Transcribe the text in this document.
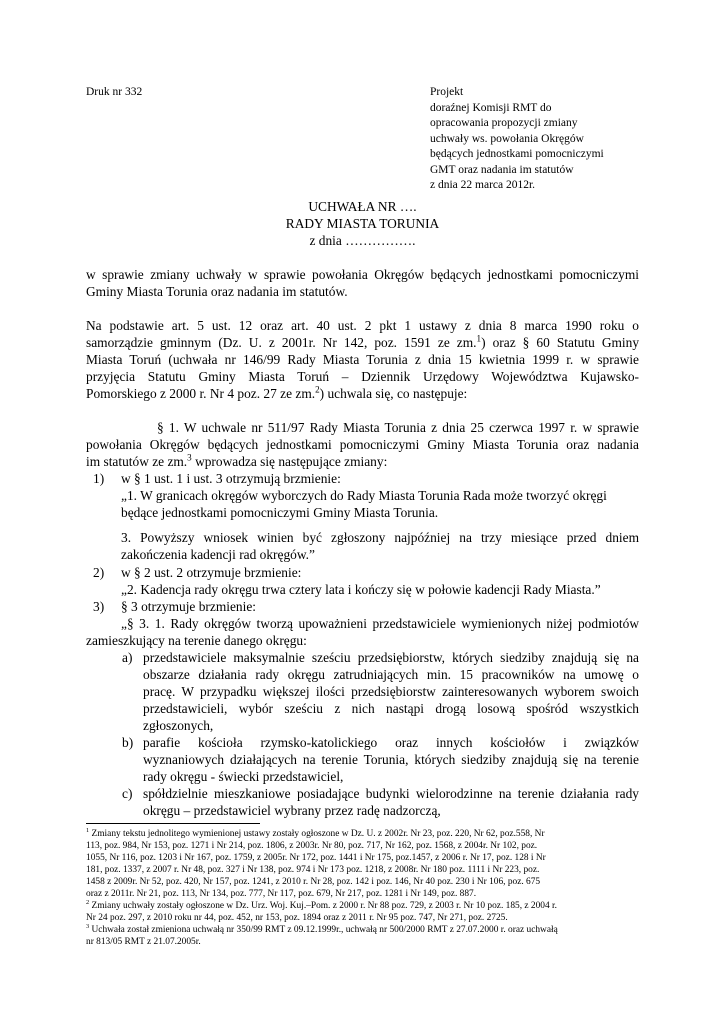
Druk nr 332	Projekt
doraźnej Komisji RMT do
opracowania propozycji zmiany
uchwały ws. powołania Okręgów
będących jednostkami pomocniczymi
GMT oraz nadania im statutów
z dnia 22 marca 2012r.
UCHWAŁA NR ….
RADY MIASTA TORUNIA
z dnia …………….
w sprawie zmiany uchwały w sprawie powołania Okręgów będących jednostkami pomocniczymi
Gminy Miasta Torunia oraz nadania im statutów.
Na podstawie art. 5 ust. 12 oraz art. 40 ust. 2 pkt 1 ustawy z dnia 8 marca 1990 roku o
samorządzie gminnym (Dz. U. z 2001r. Nr 142, poz. 1591 ze zm.$^1$) oraz § 60 Statutu Gminy
Miasta Toruń (uchwała nr 146/99 Rady Miasta Torunia z dnia 15 kwietnia 1999 r. w sprawie
przyjęcia Statutu Gminy Miasta Toruń – Dziennik Urzędowy Województwa Kujawsko-
Pomorskiego z 2000 r. Nr 4 poz. 27 ze zm.$^2$) uchwala się, co następuje:
§ 1. W uchwale nr 511/97 Rady Miasta Torunia z dnia 25 czerwca 1997 r. w sprawie
powołania Okręgów będących jednostkami pomocniczymi Gminy Miasta Torunia oraz nadania
im statutów ze zm.$^3$ wprowadza się następujące zmiany:
1) w § 1 ust. 1 i ust. 3 otrzymują brzmienie:
„1. W granicach okręgów wyborczych do Rady Miasta Torunia Rada może tworzyć okręgi
będące jednostkami pomocniczymi Gminy Miasta Torunia.
3. Powyższy wniosek winien być zgłoszony najpóźniej na trzy miesiące przed dniem
zakończenia kadencji rad okręgów.”
2) w § 2 ust. 2 otrzymuje brzmienie:
„2. Kadencja rady okręgu trwa cztery lata i kończy się w połowie kadencji Rady Miasta.”
3) § 3 otrzymuje brzmienie:
„§ 3. 1. Rady okręgów tworzą upoważnieni przedstawiciele wymienionych niżej podmiotów
zamieszkujący na terenie danego okręgu:
a) przedstawiciele maksymalnie sześciu przedsiębiorstw, których siedziby znajdują się na
obszarze działania rady okręgu zatrudniających min. 15 pracowników na umowę o
pracę. W przypadku większej ilości przedsiębiorstw zainteresowanych wyborem swoich
przedstawicieli, wybór sześciu z nich nastąpi drogą losową spośród wszystkich
zgłoszonych,
b) parafie kościoła rzymsko-katolickiego oraz innych kościołów i związków
wyznaniowych działających na terenie Torunia, których siedziby znajdują się na terenie
rady okręgu - świecki przedstawiciel,
c) spółdzielnie mieszkaniowe posiadające budynki wielorodzinne na terenie działania rady
okręgu – przedstawiciel wybrany przez radę nadzorczą,
$^1$ Zmiany tekstu jednolitego wymienionej ustawy zostały ogłoszone w Dz. U. z 2002r. Nr 23, poz. 220, Nr 62, poz.558, Nr
113, poz. 984, Nr 153, poz. 1271 i Nr 214, poz. 1806, z 2003r. Nr 80, poz. 717, Nr 162, poz. 1568, z 2004r. Nr 102, poz.
1055, Nr 116, poz. 1203 i Nr 167, poz. 1759, z 2005r. Nr 172, poz. 1441 i Nr 175, poz.1457, z 2006 r. Nr 17, poz. 128 i Nr
181, poz. 1337, z 2007 r. Nr 48, poz. 327 i Nr 138, poz. 974 i Nr 173 poz. 1218, z 2008r. Nr 180 poz. 1111 i Nr 223, poz.
1458 z 2009r. Nr 52, poz. 420, Nr 157, poz. 1241, z 2010 r. Nr 28, poz. 142 i poz. 146, Nr 40 poz. 230 i Nr 106, poz. 675
oraz z 2011r. Nr 21, poz. 113, Nr 134, poz. 777, Nr 117, poz. 679, Nr 217, poz. 1281 i Nr 149, poz. 887.
$^2$ Zmiany uchwały zostały ogłoszone w Dz. Urz. Woj. Kuj.–Pom. z 2000 r. Nr 88 poz. 729, z 2003 r. Nr 10 poz. 185, z 2004 r.
Nr 24 poz. 297, z 2010 roku nr 44, poz. 452, nr 153, poz. 1894 oraz z 2011 r. Nr 95 poz. 747, Nr 271, poz. 2725.
$^3$ Uchwała został zmieniona uchwałą nr 350/99 RMT z 09.12.1999r., uchwałą nr 500/2000 RMT z 27.07.2000 r. oraz uchwałą
nr 813/05 RMT z 21.07.2005r.
